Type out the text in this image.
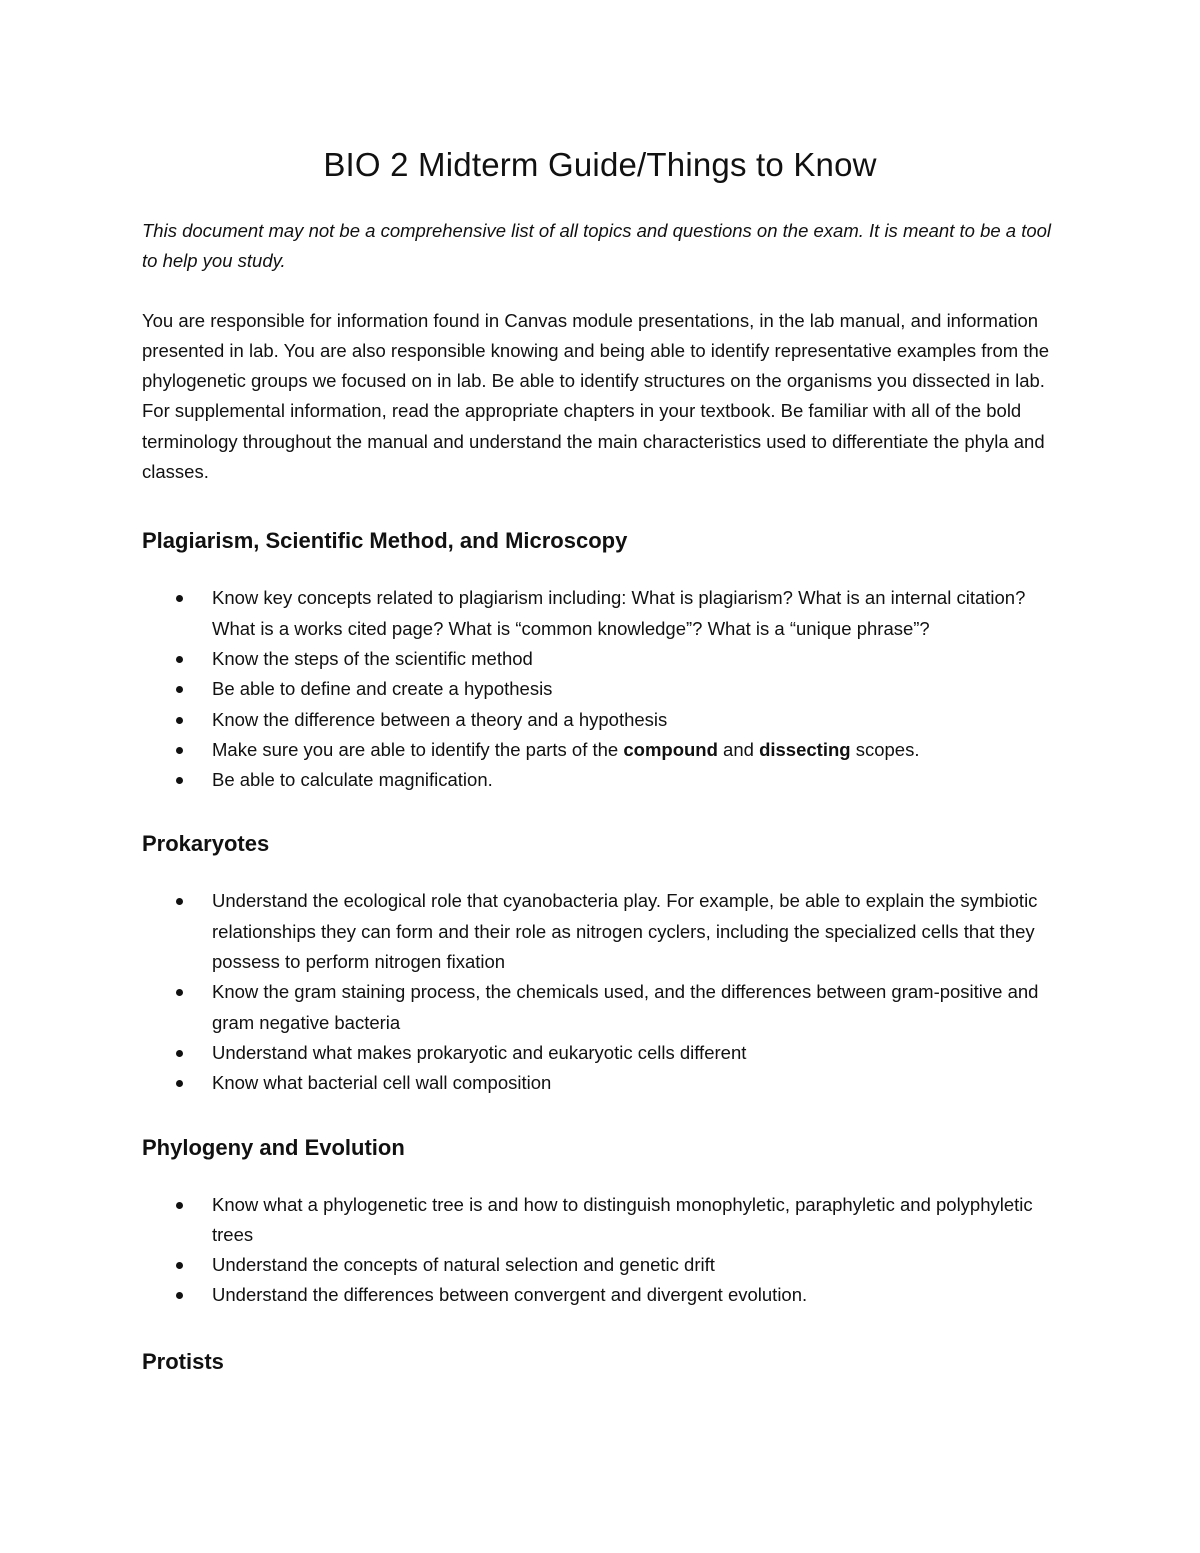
BIO 2 Midterm Guide/Things to Know

This document may not be a comprehensive list of all topics and questions on the exam. It is meant to be a tool to help you study.

You are responsible for information found in Canvas module presentations, in the lab manual, and information presented in lab. You are also responsible knowing and being able to identify representative examples from the phylogenetic groups we focused on in lab. Be able to identify structures on the organisms you dissected in lab. For supplemental information, read the appropriate chapters in your textbook. Be familiar with all of the bold terminology throughout the manual and understand the main characteristics used to differentiate the phyla and classes.

Plagiarism, Scientific Method, and Microscopy
Know key concepts related to plagiarism including: What is plagiarism? What is an internal citation? What is a works cited page? What is “common knowledge”? What is a “unique phrase”?
Know the steps of the scientific method
Be able to define and create a hypothesis
Know the difference between a theory and a hypothesis
Make sure you are able to identify the parts of the compound and dissecting scopes.
Be able to calculate magnification.
Prokaryotes
Understand the ecological role that cyanobacteria play. For example, be able to explain the symbiotic relationships they can form and their role as nitrogen cyclers, including the specialized cells that they possess to perform nitrogen fixation
Know the gram staining process, the chemicals used, and the differences between gram-positive and gram negative bacteria
Understand what makes prokaryotic and eukaryotic cells different
Know what bacterial cell wall composition
Phylogeny and Evolution
Know what a phylogenetic tree is and how to distinguish monophyletic, paraphyletic and polyphyletic trees
Understand the concepts of natural selection and genetic drift
Understand the differences between convergent and divergent evolution.
Protists
